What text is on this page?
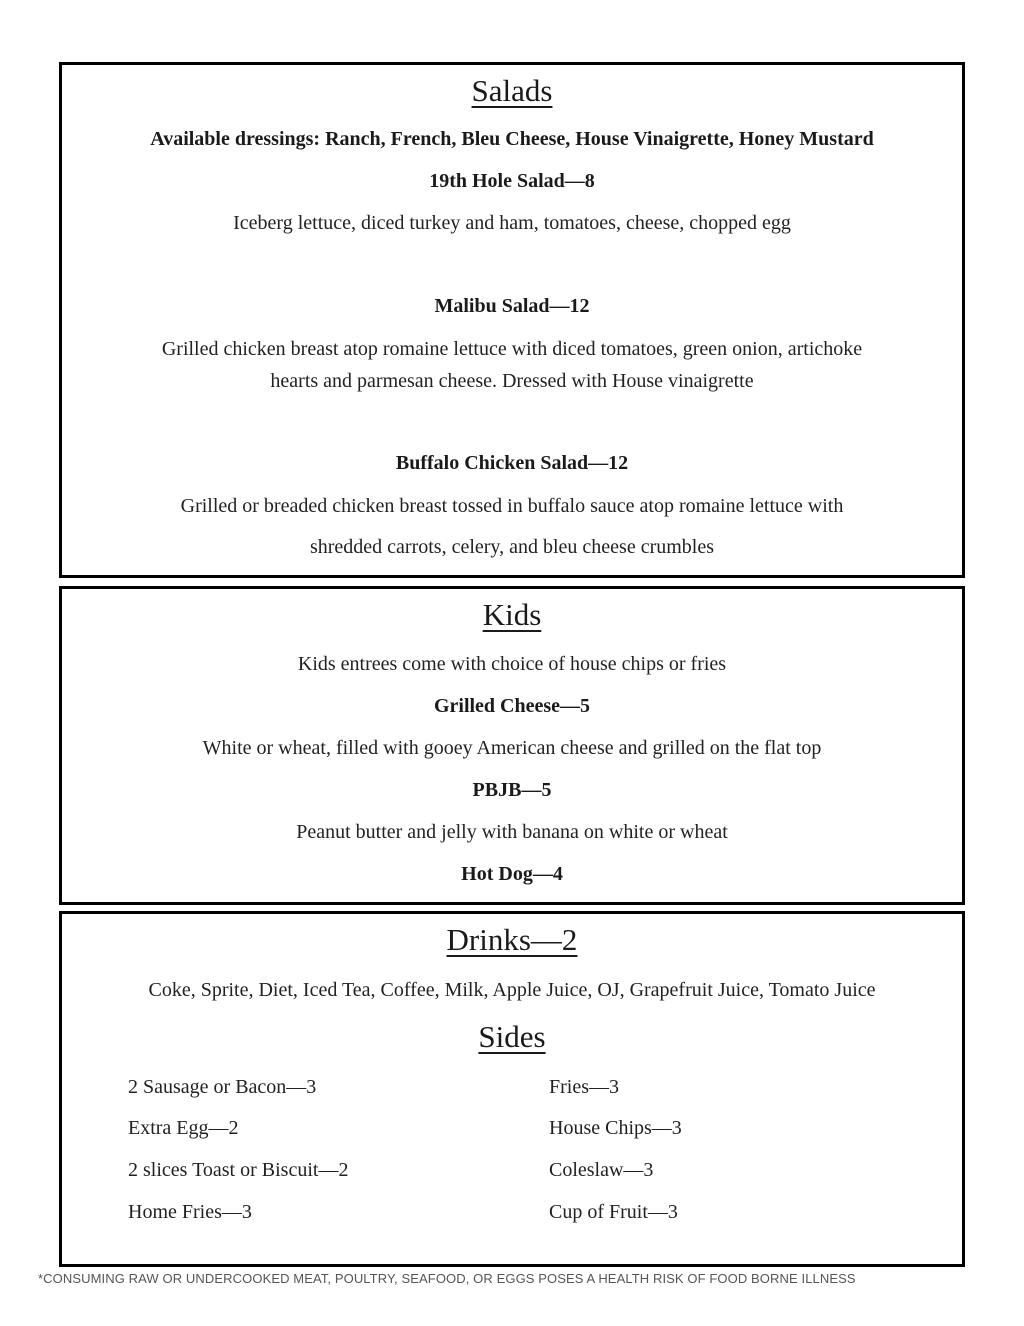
Salads
Available dressings: Ranch, French, Bleu Cheese, House Vinaigrette, Honey Mustard
19th Hole Salad—8
Iceberg lettuce, diced turkey and ham, tomatoes, cheese, chopped egg
Malibu Salad—12
Grilled chicken breast atop romaine lettuce with diced tomatoes, green onion, artichoke
hearts and parmesan cheese. Dressed with House vinaigrette
Buffalo Chicken Salad—12
Grilled or breaded chicken breast tossed in buffalo sauce atop romaine lettuce with
shredded carrots, celery, and bleu cheese crumbles
Kids
Kids entrees come with choice of house chips or fries
Grilled Cheese—5
White or wheat, filled with gooey American cheese and grilled on the flat top
PBJB—5
Peanut butter and jelly with banana on white or wheat
Hot Dog—4
Drinks—2
Coke, Sprite, Diet, Iced Tea, Coffee, Milk, Apple Juice, OJ, Grapefruit Juice, Tomato Juice
Sides
2 Sausage or Bacon—3
Extra Egg—2
2 slices Toast or Biscuit—2
Home Fries—3
Fries—3
House Chips—3
Coleslaw—3
Cup of Fruit—3
*CONSUMING RAW OR UNDERCOOKED MEAT, POULTRY, SEAFOOD, OR EGGS POSES A HEALTH RISK OF FOOD BORNE ILLNESS
